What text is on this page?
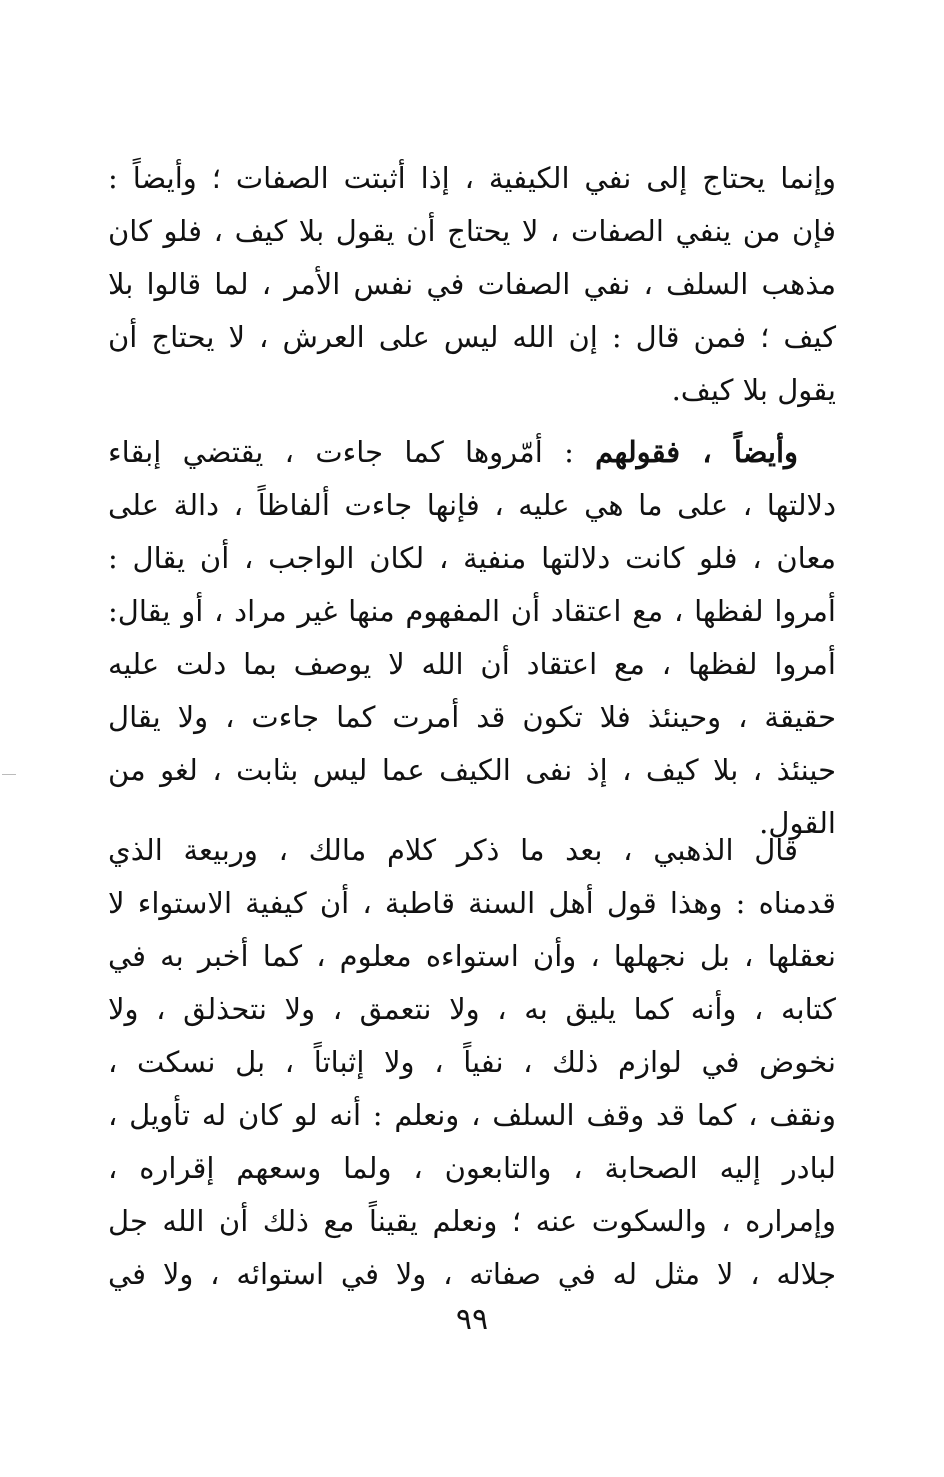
وإنما يحتاج إلى نفي الكيفية ، إذا أثبتت الصفات ؛ وأيضاً :
فإن من ينفي الصفات ، لا يحتاج أن يقول بلا كيف ، فلو كان
مذهب السلف ، نفي الصفات في نفس الأمر ، لما قالوا بلا
كيف ؛ فمن قال : إن الله ليس على العرش ، لا يحتاج أن
يقول بلا كيف.
وأيضاً ، فقولهم : أمّروها كما جاءت ، يقتضي إبقاء
دلالتها ، على ما هي عليه ، فإنها جاءت ألفاظاً ، دالة على
معان ، فلو كانت دلالتها منفية ، لكان الواجب ، أن يقال :
أمروا لفظها ، مع اعتقاد أن المفهوم منها غير مراد ، أو يقال:
أمروا لفظها ، مع اعتقاد أن الله لا يوصف بما دلت عليه
حقيقة ، وحينئذ فلا تكون قد أمرت كما جاءت ، ولا يقال
حينئذ ، بلا كيف ، إذ نفى الكيف عما ليس بثابت ، لغو من
القول.
قال الذهبي ، بعد ما ذكر كلام مالك ، وربيعة الذي
قدمناه : وهذا قول أهل السنة قاطبة ، أن كيفية الاستواء لا
نعقلها ، بل نجهلها ، وأن استواءه معلوم ، كما أخبر به في
كتابه ، وأنه كما يليق به ، ولا نتعمق ، ولا نتحذلق ، ولا
نخوض في لوازم ذلك ، نفياً ، ولا إثباتاً ، بل نسكت ،
ونقف ، كما قد وقف السلف ، ونعلم : أنه لو كان له تأويل ،
لبادر إليه الصحابة ، والتابعون ، ولما وسعهم إقراره ،
وإمراره ، والسكوت عنه ؛ ونعلم يقيناً مع ذلك أن الله جل
جلاله ، لا مثل له في صفاته ، ولا في استوائه ، ولا في
٩٩
